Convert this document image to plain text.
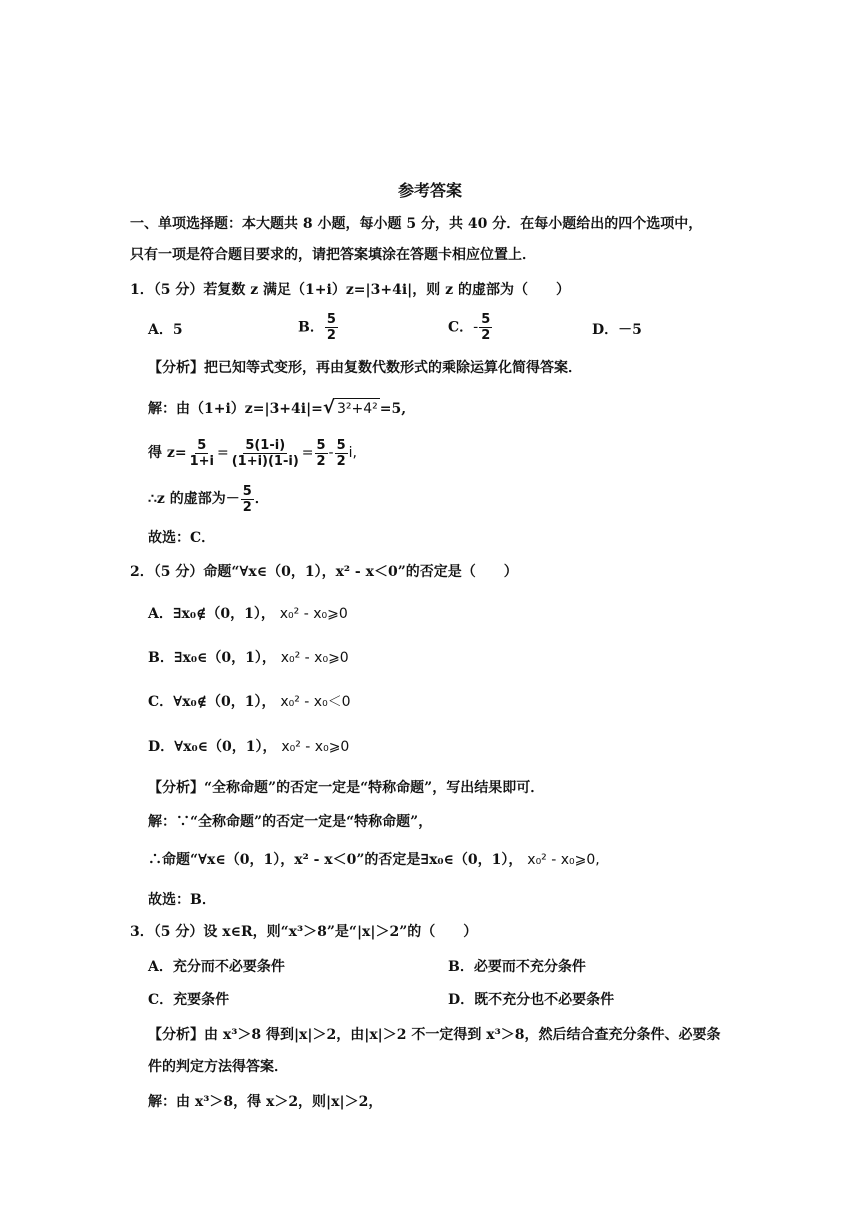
参考答案
一、单项选择题：本大题共 8 小题，每小题 5 分，共 40 分．在每小题给出的四个选项中，
只有一项是符合题目要求的，请把答案填涂在答题卡相应位置上．
1．（5 分）若复数 z 满足（1+i）z=|3+4i|，则 z 的虚部为（　　）
A．5	B． $\frac{5}{2}$	C．- $\frac{5}{2}$	D．－5
【分析】把已知等式变形，再由复数代数形式的乘除运算化简得答案．
解：由（1+i）z=|3+4i|=√ 3²+4² =5,
得 $z= \frac{5}{1+i} = \frac{5(1-i)}{(1+i)(1-i)} = \frac{5}{2} - \frac{5}{2} i$,
∴z 的虚部为－ $\frac{5}{2}$ ．
故选：C．
2．（5 分）命题“∀x∈（0，1），x² - x＜0”的否定是（　　）
A．∃x₀∉（0，1）， x₀² - x₀⩾0
B．∃x₀∈（0，1）， x₀² - x₀⩾0
C．∀x₀∉（0，1）， x₀² - x₀＜0
D．∀x₀∈（0，1）， x₀² - x₀⩾0
【分析】“全称命题”的否定一定是“特称命题”，写出结果即可．
解：∵“全称命题”的否定一定是“特称命题”，
∴命题“∀x∈（0，1），x² - x＜0”的否定是∃x₀∈（0，1）， x₀² - x₀⩾0,
故选：B．
3．（5 分）设 x∈R，则“x³＞8”是“|x|＞2”的（　　）
A．充分而不必要条件	B．必要而不充分条件
C．充要条件	D．既不充分也不必要条件
【分析】由 x³＞8 得到|x|＞2，由|x|＞2 不一定得到 x³＞8，然后结合查充分条件、必要条
件的判定方法得答案．
解：由 x³＞8，得 x＞2，则|x|＞2，
